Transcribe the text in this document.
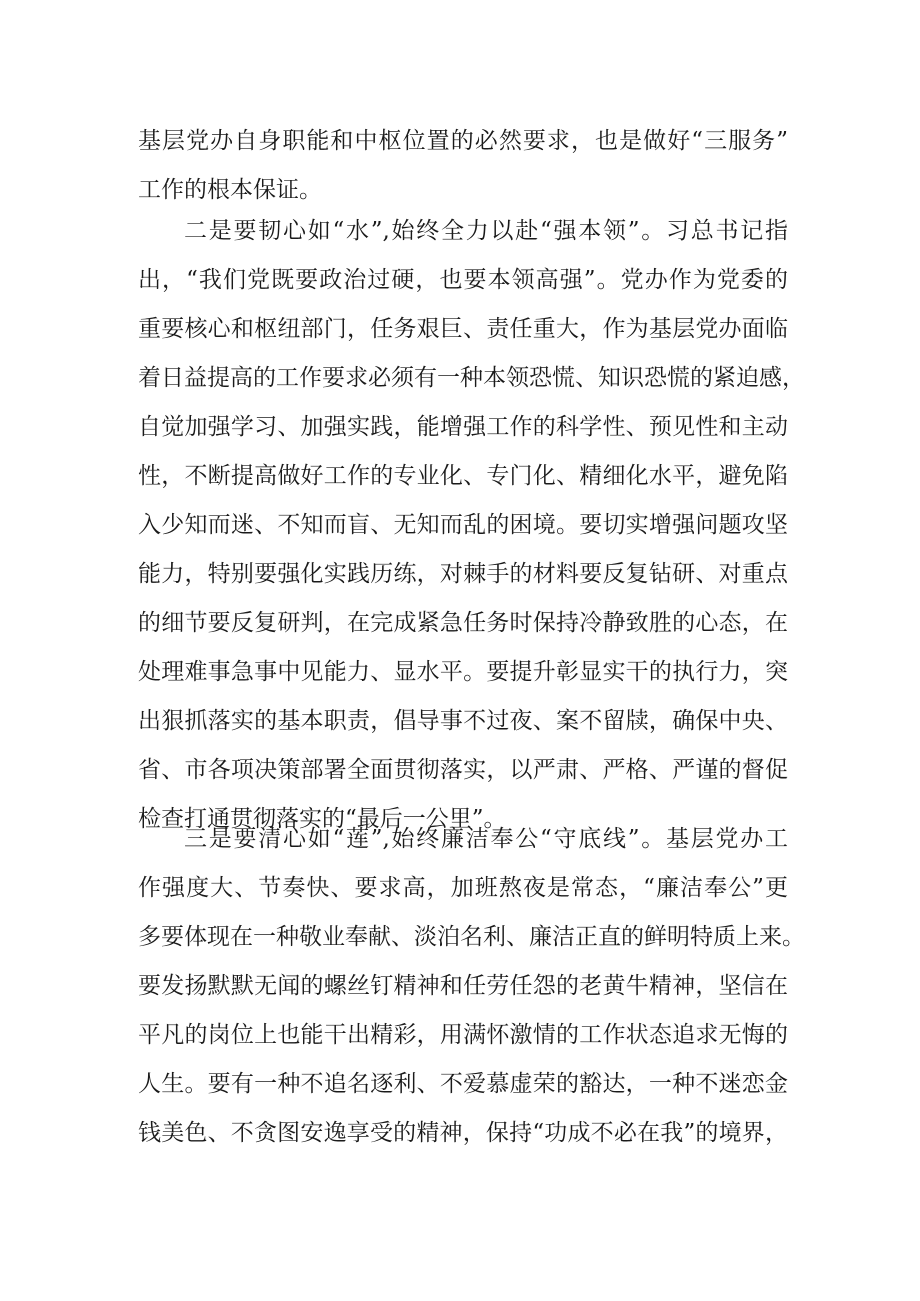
基层党办自身职能和中枢位置的必然要求，也是做好“三服务”
工作的根本保证。
二是要韧心如“水”,始终全力以赴“强本领”。习总书记指
出，“我们党既要政治过硬，也要本领高强”。党办作为党委的
重要核心和枢纽部门，任务艰巨、责任重大，作为基层党办面临
着日益提高的工作要求必须有一种本领恐慌、知识恐慌的紧迫感，
自觉加强学习、加强实践，能增强工作的科学性、预见性和主动
性，不断提高做好工作的专业化、专门化、精细化水平，避免陷
入少知而迷、不知而盲、无知而乱的困境。要切实增强问题攻坚
能力，特别要强化实践历练，对棘手的材料要反复钻研、对重点
的细节要反复研判，在完成紧急任务时保持冷静致胜的心态，在
处理难事急事中见能力、显水平。要提升彰显实干的执行力，突
出狠抓落实的基本职责，倡导事不过夜、案不留牍，确保中央、
省、市各项决策部署全面贯彻落实，以严肃、严格、严谨的督促
检查打通贯彻落实的“最后一公里”。
三是要清心如“莲”,始终廉洁奉公“守底线”。基层党办工
作强度大、节奏快、要求高，加班熬夜是常态，“廉洁奉公”更
多要体现在一种敬业奉献、淡泊名利、廉洁正直的鲜明特质上来。
要发扬默默无闻的螺丝钉精神和任劳任怨的老黄牛精神，坚信在
平凡的岗位上也能干出精彩，用满怀激情的工作状态追求无悔的
人生。要有一种不追名逐利、不爱慕虚荣的豁达，一种不迷恋金
钱美色、不贪图安逸享受的精神，保持“功成不必在我”的境界，
